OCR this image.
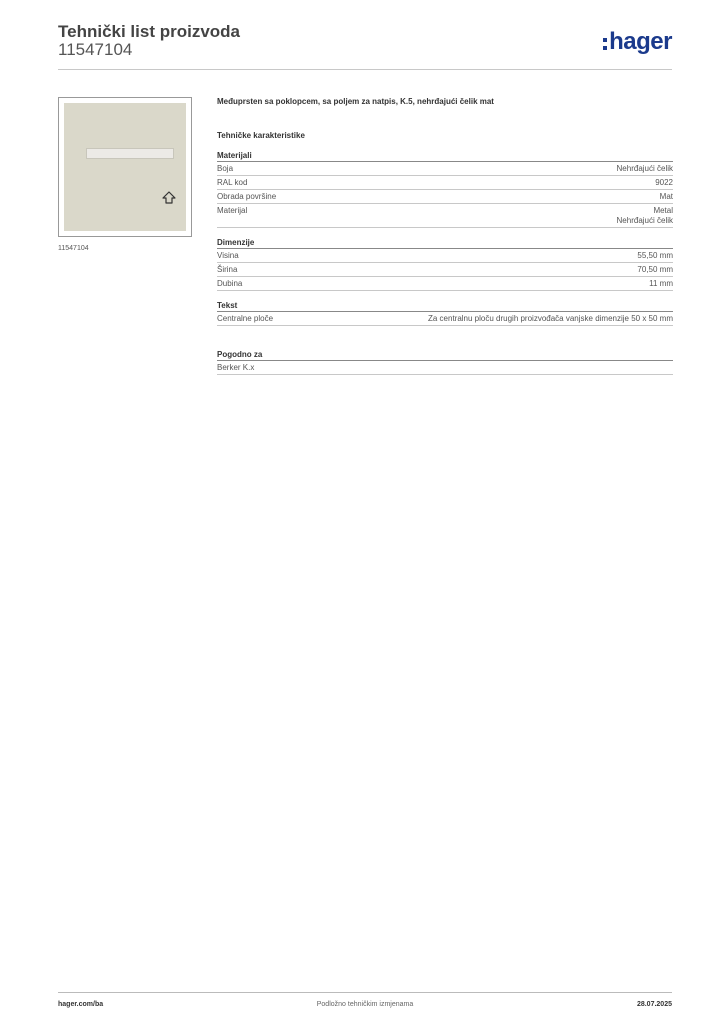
Tehnički list proizvoda
11547104	hager
11547104

Međuprsten sa poklopcem, sa poljem za natpis, K.5, nehrđajući čelik mat

Tehničke karakteristike

Materijali
Boja	Nehrđajući čelik
RAL kod	9022
Obrada površine	Mat
Materijal	Metal
Nehrđajući čelik
Dimenzije
Visina	55,50 mm
Širina	70,50 mm
Dubina	11 mm
Tekst
Centralne ploče	Za centralnu ploču drugih proizvođača vanjske dimenzije 50 x 50 mm
Pogodno za
Berker K.x
hager.com/ba	Podložno tehničkim izmjenama	28.07.2025
